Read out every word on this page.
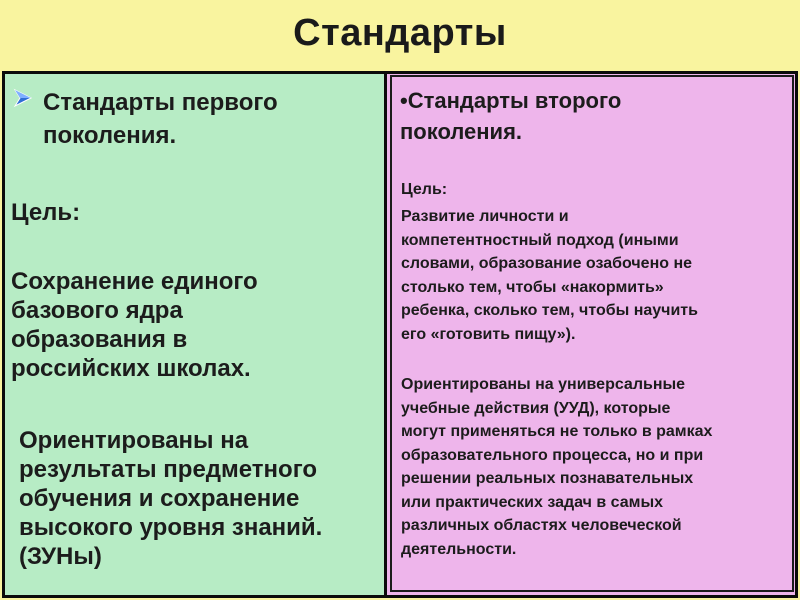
Стандарты
Стандарты первого
поколения.
Цель:
Сохранение единого
базового ядра
образования в
российских школах.
Ориентированы на
результаты предметного
обучения и сохранение
высокого уровня знаний.
(ЗУНы)
•Стандарты второго
поколения.
Цель:
Развитие личности и
компетентностный подход (иными
словами, образование озабочено не
столько тем, чтобы «накормить»
ребенка, сколько тем, чтобы научить
его «готовить пищу»).
Ориентированы на универсальные
учебные действия (УУД), которые
могут применяться не только в рамках
образовательного процесса, но и при
решении реальных познавательных
или практических задач в самых
различных областях человеческой
деятельности.
